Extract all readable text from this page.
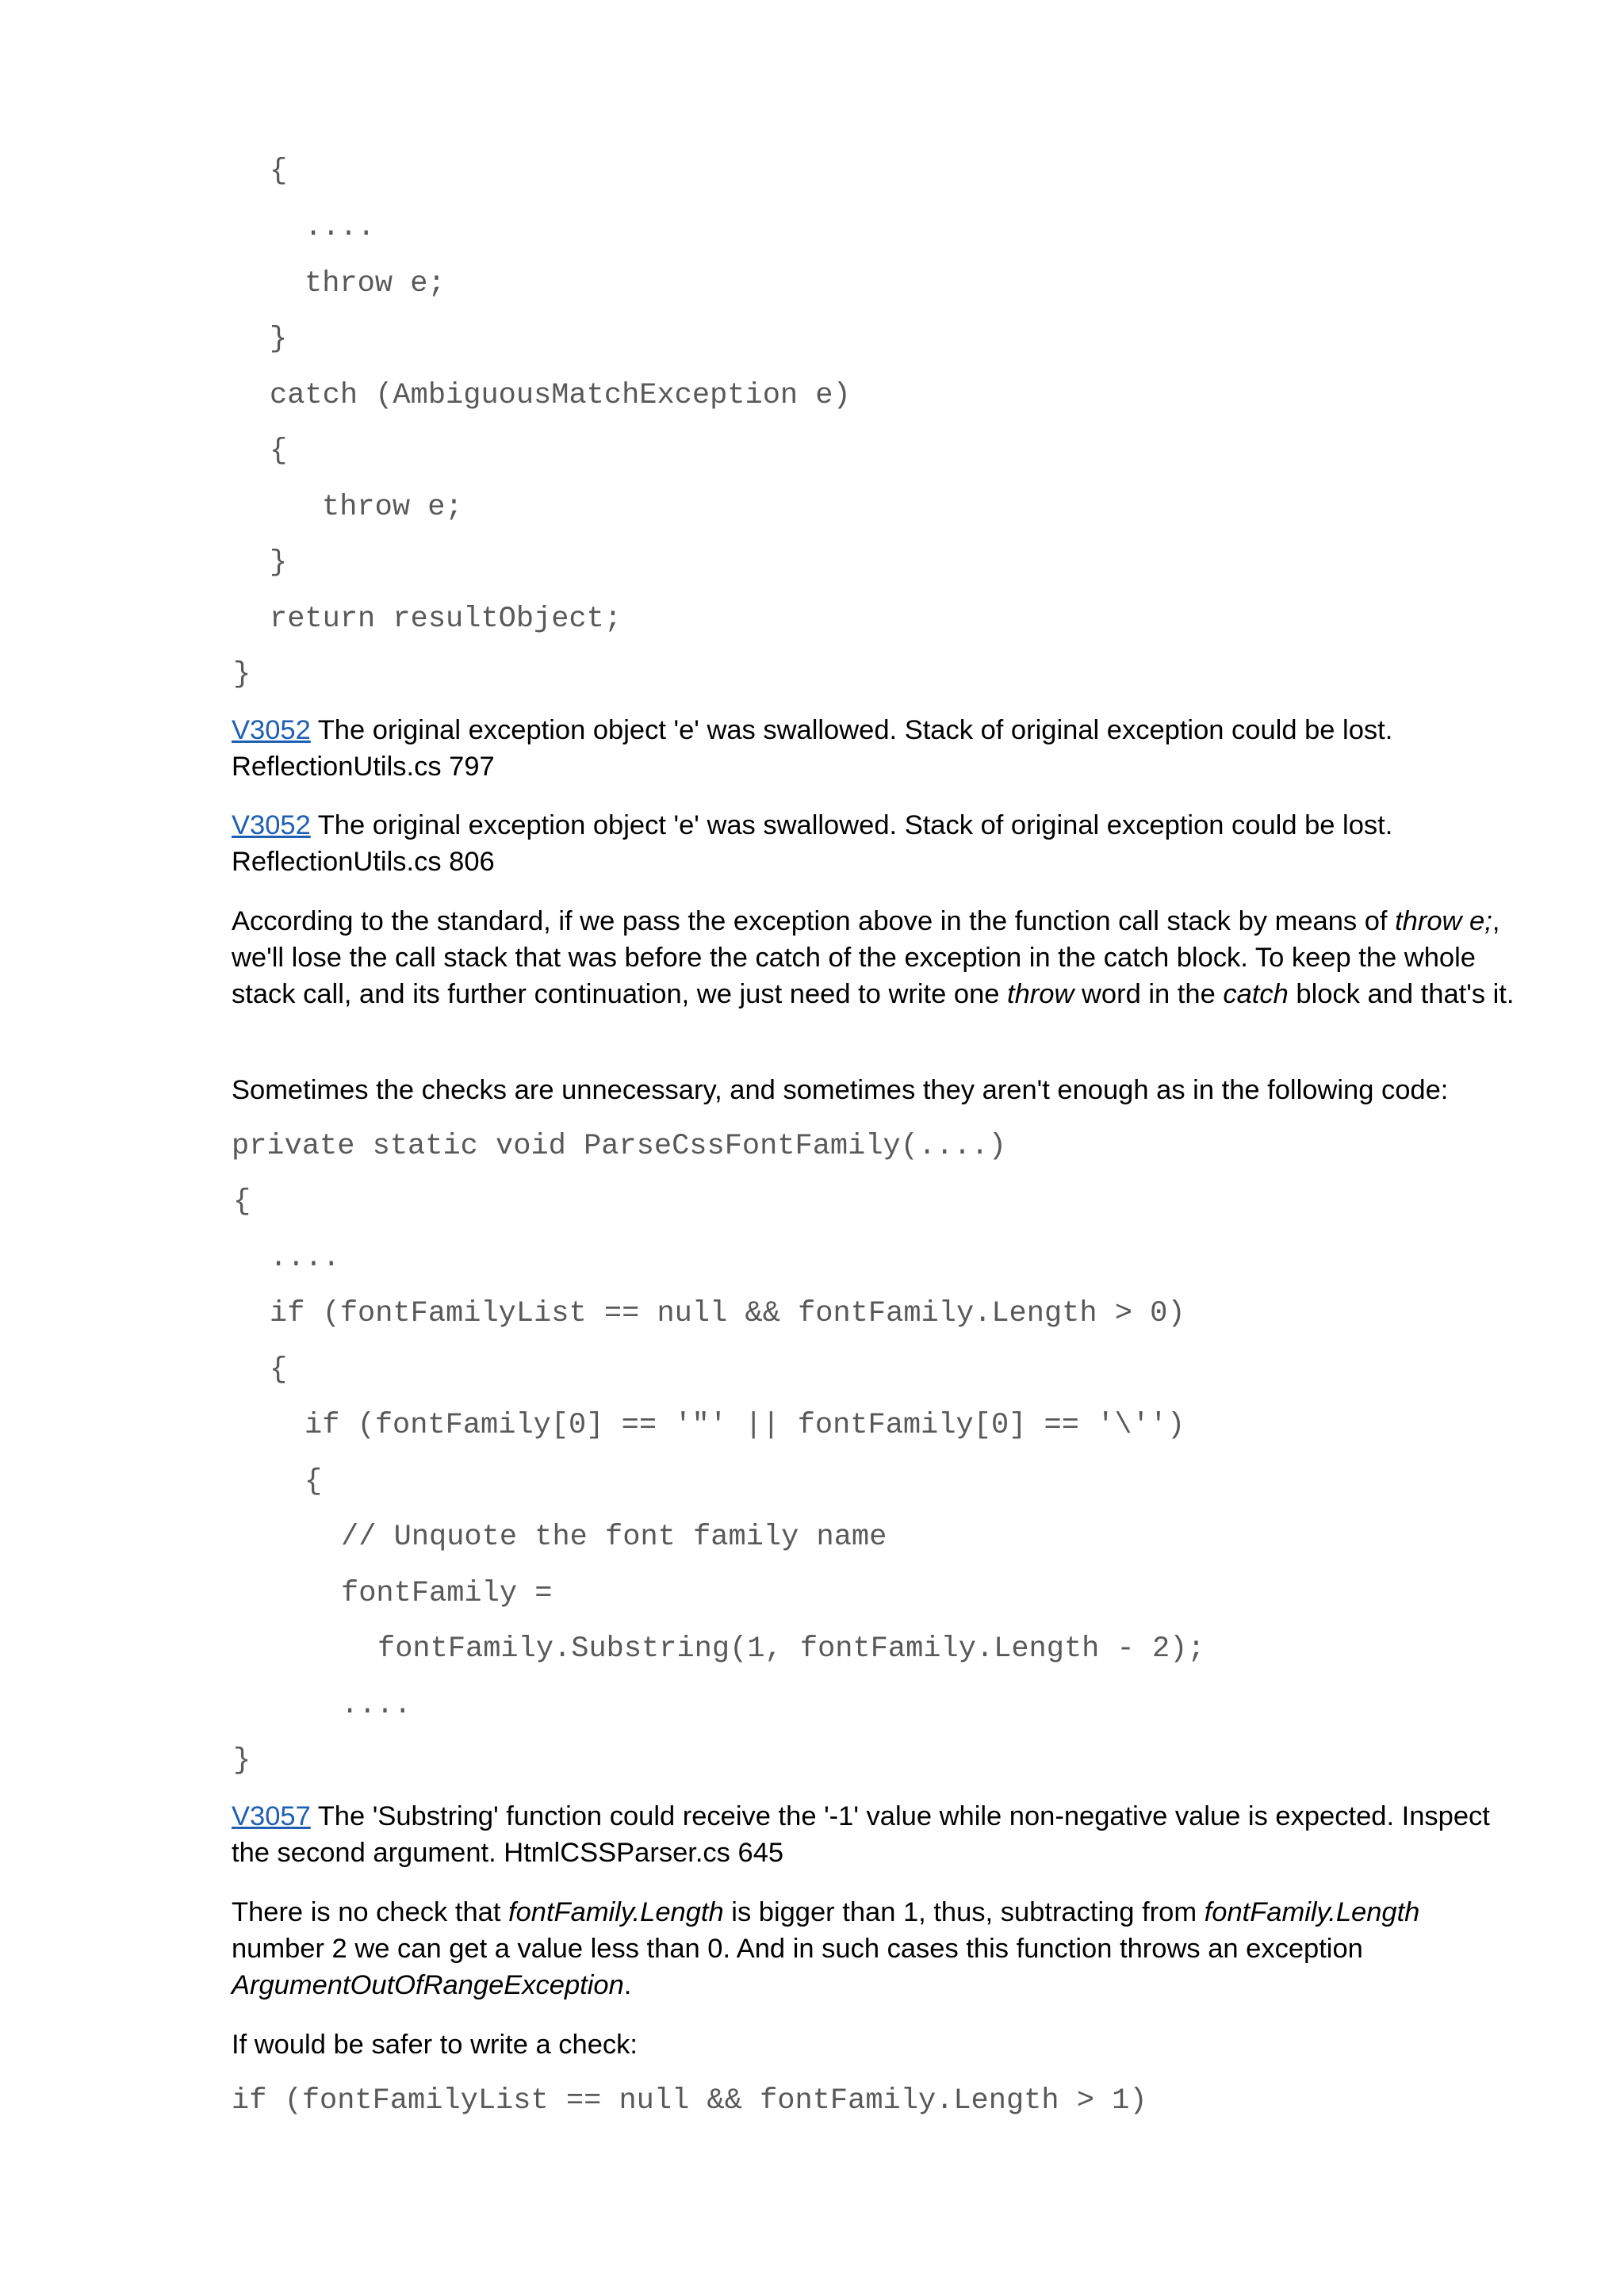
{
....
throw e;
}
catch (AmbiguousMatchException e)
{
throw e;
}
return resultObject;
}
V3052 The original exception object 'e' was swallowed. Stack of original exception could be lost.
ReflectionUtils.cs 797
V3052 The original exception object 'e' was swallowed. Stack of original exception could be lost.
ReflectionUtils.cs 806
According to the standard, if we pass the exception above in the function call stack by means of throw e;, we'll lose the call stack that was before the catch of the exception in the catch block. To keep the whole stack call, and its further continuation, we just need to write one throw word in the catch block and that's it.
Sometimes the checks are unnecessary, and sometimes they aren't enough as in the following code:
private static void ParseCssFontFamily(....)
{
....
if (fontFamilyList == null && fontFamily.Length > 0)
{
if (fontFamily[0] == '"' || fontFamily[0] == '\'')
{
// Unquote the font family name
fontFamily =
fontFamily.Substring(1, fontFamily.Length - 2);
....
}
V3057 The 'Substring' function could receive the '-1' value while non-negative value is expected. Inspect the second argument. HtmlCSSParser.cs 645
There is no check that fontFamily.Length is bigger than 1, thus, subtracting from fontFamily.Length number 2 we can get a value less than 0. And in such cases this function throws an exception ArgumentOutOfRangeException.
If would be safer to write a check:
if (fontFamilyList == null && fontFamily.Length > 1)
